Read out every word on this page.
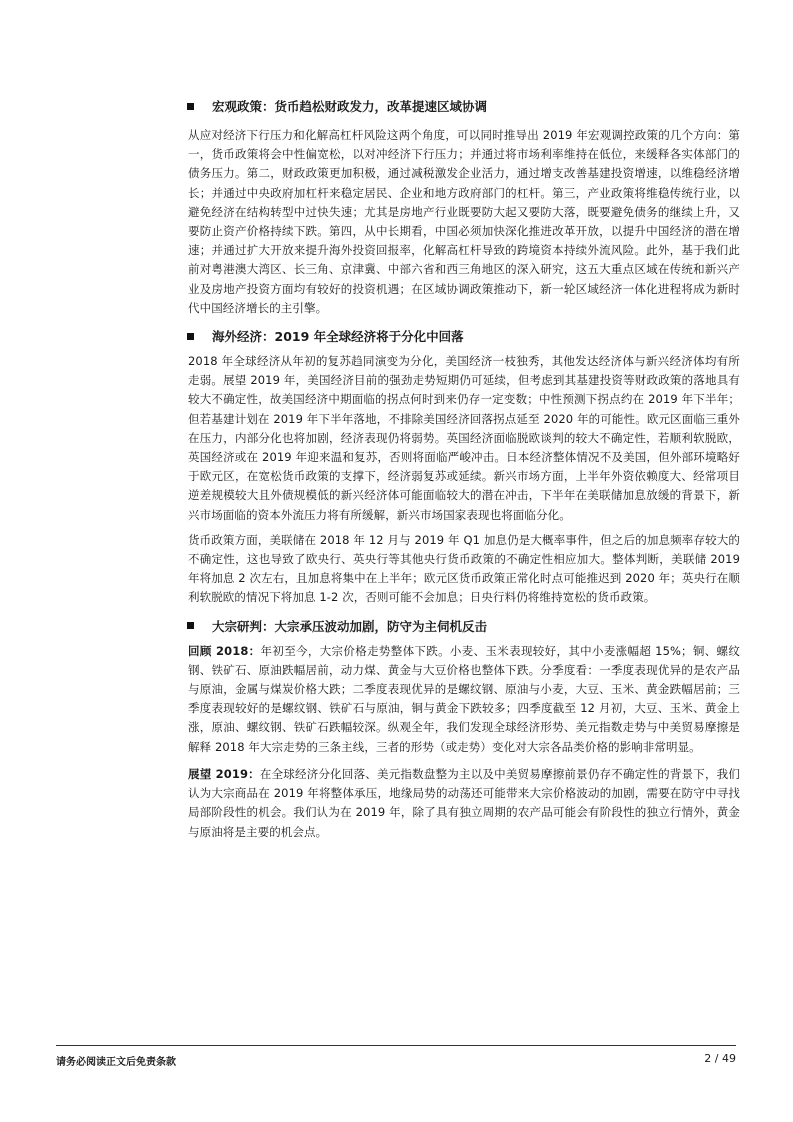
宏观政策：货币趋松财政发力，改革提速区域协调

从应对经济下行压力和化解高杠杆风险这两个角度，可以同时推导出 2019 年宏观调控政策的几个方向：第一，货币政策将会中性偏宽松，以对冲经济下行压力；并通过将市场利率维持在低位，来缓释各实体部门的债务压力。第二，财政政策更加积极，通过减税激发企业活力，通过增支改善基建投资增速，以维稳经济增长；并通过中央政府加杠杆来稳定居民、企业和地方政府部门的杠杆。第三，产业政策将维稳传统行业，以避免经济在结构转型中过快失速；尤其是房地产行业既要防大起又要防大落，既要避免债务的继续上升，又要防止资产价格持续下跌。第四，从中长期看，中国必须加快深化推进改革开放，以提升中国经济的潜在增速；并通过扩大开放来提升海外投资回报率，化解高杠杆导致的跨境资本持续外流风险。此外，基于我们此前对粤港澳大湾区、长三角、京津冀、中部六省和西三角地区的深入研究，这五大重点区域在传统和新兴产业及房地产投资方面均有较好的投资机遇；在区域协调政策推动下，新一轮区域经济一体化进程将成为新时代中国经济增长的主引擎。

海外经济：2019 年全球经济将于分化中回落

2018 年全球经济从年初的复苏趋同演变为分化，美国经济一枝独秀，其他发达经济体与新兴经济体均有所走弱。展望 2019 年，美国经济目前的强劲走势短期仍可延续，但考虑到其基建投资等财政政策的落地具有较大不确定性，故美国经济中期面临的拐点何时到来仍存一定变数；中性预测下拐点约在 2019 年下半年；但若基建计划在 2019 年下半年落地，不排除美国经济回落拐点延至 2020 年的可能性。欧元区面临三重外在压力，内部分化也将加剧，经济表现仍将弱势。英国经济面临脱欧谈判的较大不确定性，若顺利软脱欧，英国经济或在 2019 年迎来温和复苏，否则将面临严峻冲击。日本经济整体情况不及美国，但外部环境略好于欧元区，在宽松货币政策的支撑下，经济弱复苏或延续。新兴市场方面，上半年外资依赖度大、经常项目逆差规模较大且外债规模低的新兴经济体可能面临较大的潜在冲击，下半年在美联储加息放缓的背景下，新兴市场面临的资本外流压力将有所缓解，新兴市场国家表现也将面临分化。

货币政策方面，美联储在 2018 年 12 月与 2019 年 Q1 加息仍是大概率事件，但之后的加息频率存较大的不确定性，这也导致了欧央行、英央行等其他央行货币政策的不确定性相应加大。整体判断，美联储 2019 年将加息 2 次左右，且加息将集中在上半年；欧元区货币政策正常化时点可能推迟到 2020 年；英央行在顺利软脱欧的情况下将加息 1-2 次，否则可能不会加息；日央行料仍将维持宽松的货币政策。

大宗研判：大宗承压波动加剧，防守为主伺机反击

回顾 2018：年初至今，大宗价格走势整体下跌。小麦、玉米表现较好，其中小麦涨幅超 15%；铜、螺纹钢、铁矿石、原油跌幅居前，动力煤、黄金与大豆价格也整体下跌。分季度看：一季度表现优异的是农产品与原油，金属与煤炭价格大跌；二季度表现优异的是螺纹钢、原油与小麦，大豆、玉米、黄金跌幅居前；三季度表现较好的是螺纹钢、铁矿石与原油，铜与黄金下跌较多；四季度截至 12 月初，大豆、玉米、黄金上涨，原油、螺纹钢、铁矿石跌幅较深。纵观全年，我们发现全球经济形势、美元指数走势与中美贸易摩擦是解释 2018 年大宗走势的三条主线，三者的形势（或走势）变化对大宗各品类价格的影响非常明显。

展望 2019：在全球经济分化回落、美元指数盘整为主以及中美贸易摩擦前景仍存不确定性的背景下，我们认为大宗商品在 2019 年将整体承压，地缘局势的动荡还可能带来大宗价格波动的加剧，需要在防守中寻找局部阶段性的机会。我们认为在 2019 年，除了具有独立周期的农产品可能会有阶段性的独立行情外，黄金与原油将是主要的机会点。

请务必阅读正文后免责条款	2 / 49
